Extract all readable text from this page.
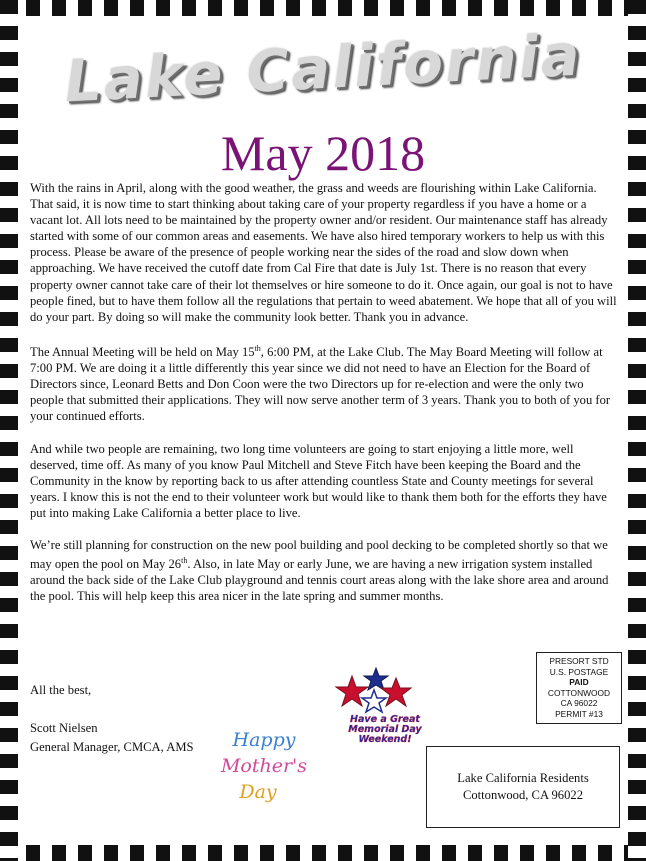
Lake California
May 2018

With the rains in April, along with the good weather, the grass and weeds are flourishing within Lake California. That said, it is now time to start thinking about taking care of your property regardless if you have a home or a vacant lot. All lots need to be maintained by the property owner and/or resident. Our maintenance staff has already started with some of our common areas and easements. We have also hired temporary workers to help us with this process. Please be aware of the presence of people working near the sides of the road and slow down when approaching. We have received the cutoff date from Cal Fire that date is July 1st. There is no reason that every property owner cannot take care of their lot themselves or hire someone to do it. Once again, our goal is not to have people fined, but to have them follow all the regulations that pertain to weed abatement. We hope that all of you will do your part. By doing so will make the community look better. Thank you in advance.

The Annual Meeting will be held on May 15th, 6:00 PM, at the Lake Club. The May Board Meeting will follow at 7:00 PM. We are doing it a little differently this year since we did not need to have an Election for the Board of Directors since, Leonard Betts and Don Coon were the two Directors up for re-election and were the only two people that submitted their applications. They will now serve another term of 3 years. Thank you to both of you for your continued efforts.

And while two people are remaining, two long time volunteers are going to start enjoying a little more, well deserved, time off. As many of you know Paul Mitchell and Steve Fitch have been keeping the Board and the Community in the know by reporting back to us after attending countless State and County meetings for several years. I know this is not the end to their volunteer work but would like to thank them both for the efforts they have put into making Lake California a better place to live.

We’re still planning for construction on the new pool building and pool decking to be completed shortly so that we may open the pool on May 26th. Also, in late May or early June, we are having a new irrigation system installed around the back side of the Lake Club playground and tennis court areas along with the lake shore area and around the pool. This will help keep this area nicer in the late spring and summer months.

All the best,
Scott Nielsen
General Manager, CMCA, AMS
Have a Great
Memorial Day
Weekend!
Happy
Mother's
Day
PRESORT STD
U.S. POSTAGE
PAID
COTTONWOOD
CA 96022
PERMIT #13
Lake California Residents
Cottonwood, CA 96022
